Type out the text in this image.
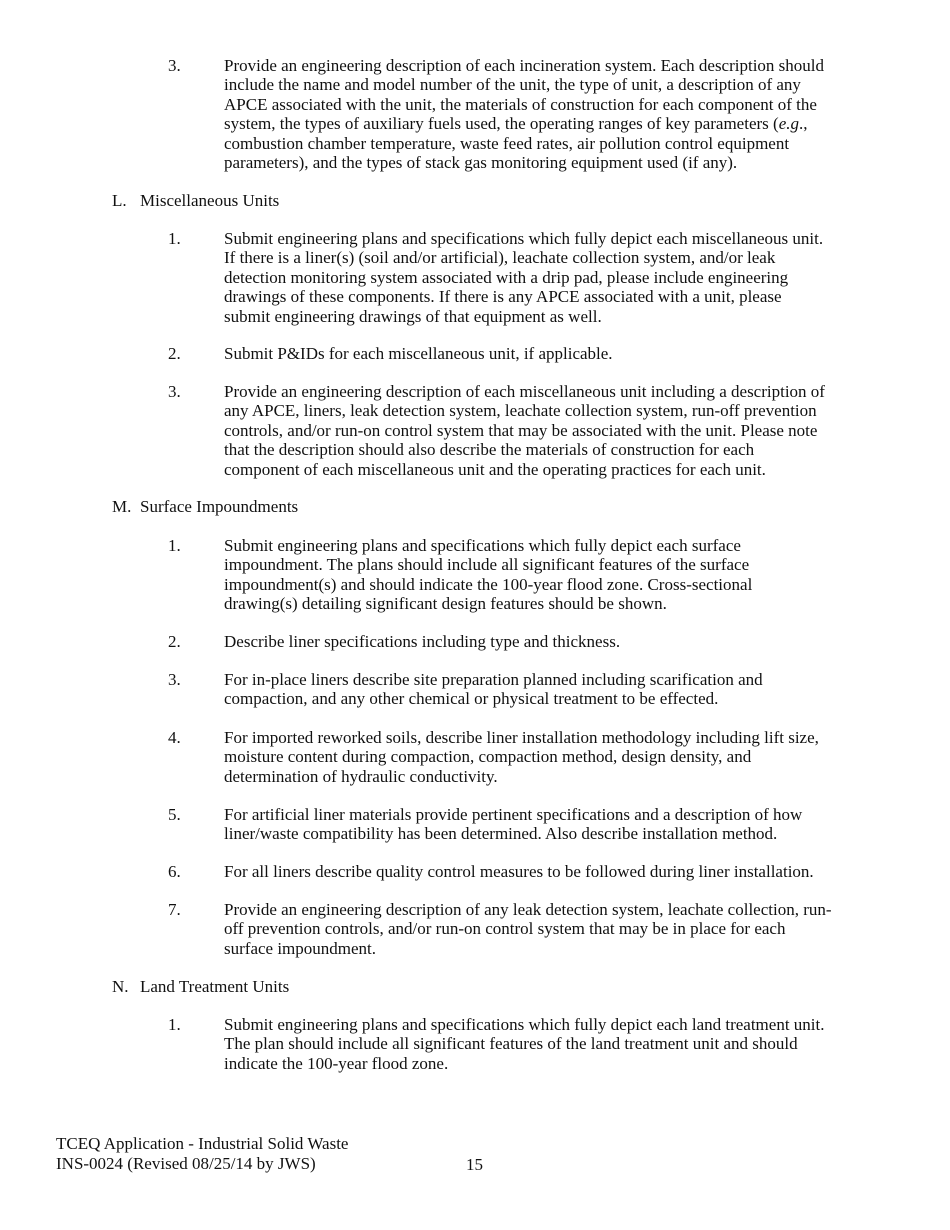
3.	Provide an engineering description of each incineration system. Each description should
include the name and model number of the unit, the type of unit, a description of any
APCE associated with the unit, the materials of construction for each component of the
system, the types of auxiliary fuels used, the operating ranges of key parameters (e.g.,
combustion chamber temperature, waste feed rates, air pollution control equipment
parameters), and the types of stack gas monitoring equipment used (if any).
L. Miscellaneous Units
1.	Submit engineering plans and specifications which fully depict each miscellaneous unit.
If there is a liner(s) (soil and/or artificial), leachate collection system, and/or leak
detection monitoring system associated with a drip pad, please include engineering
drawings of these components. If there is any APCE associated with a unit, please
submit engineering drawings of that equipment as well.
2.	Submit P&IDs for each miscellaneous unit, if applicable.
3.	Provide an engineering description of each miscellaneous unit including a description of
any APCE, liners, leak detection system, leachate collection system, run-off prevention
controls, and/or run-on control system that may be associated with the unit. Please note
that the description should also describe the materials of construction for each
component of each miscellaneous unit and the operating practices for each unit.
M. Surface Impoundments
1.	Submit engineering plans and specifications which fully depict each surface
impoundment. The plans should include all significant features of the surface
impoundment(s) and should indicate the 100-year flood zone. Cross-sectional
drawing(s) detailing significant design features should be shown.
2.	Describe liner specifications including type and thickness.
3.	For in-place liners describe site preparation planned including scarification and
compaction, and any other chemical or physical treatment to be effected.
4.	For imported reworked soils, describe liner installation methodology including lift size,
moisture content during compaction, compaction method, design density, and
determination of hydraulic conductivity.
5.	For artificial liner materials provide pertinent specifications and a description of how
liner/waste compatibility has been determined. Also describe installation method.
6.	For all liners describe quality control measures to be followed during liner installation.
7.	Provide an engineering description of any leak detection system, leachate collection, run-
off prevention controls, and/or run-on control system that may be in place for each
surface impoundment.
N. Land Treatment Units
1.	Submit engineering plans and specifications which fully depict each land treatment unit.
The plan should include all significant features of the land treatment unit and should
indicate the 100-year flood zone.
TCEQ Application - Industrial Solid Waste
INS-0024 (Revised 08/25/14 by JWS)	15
